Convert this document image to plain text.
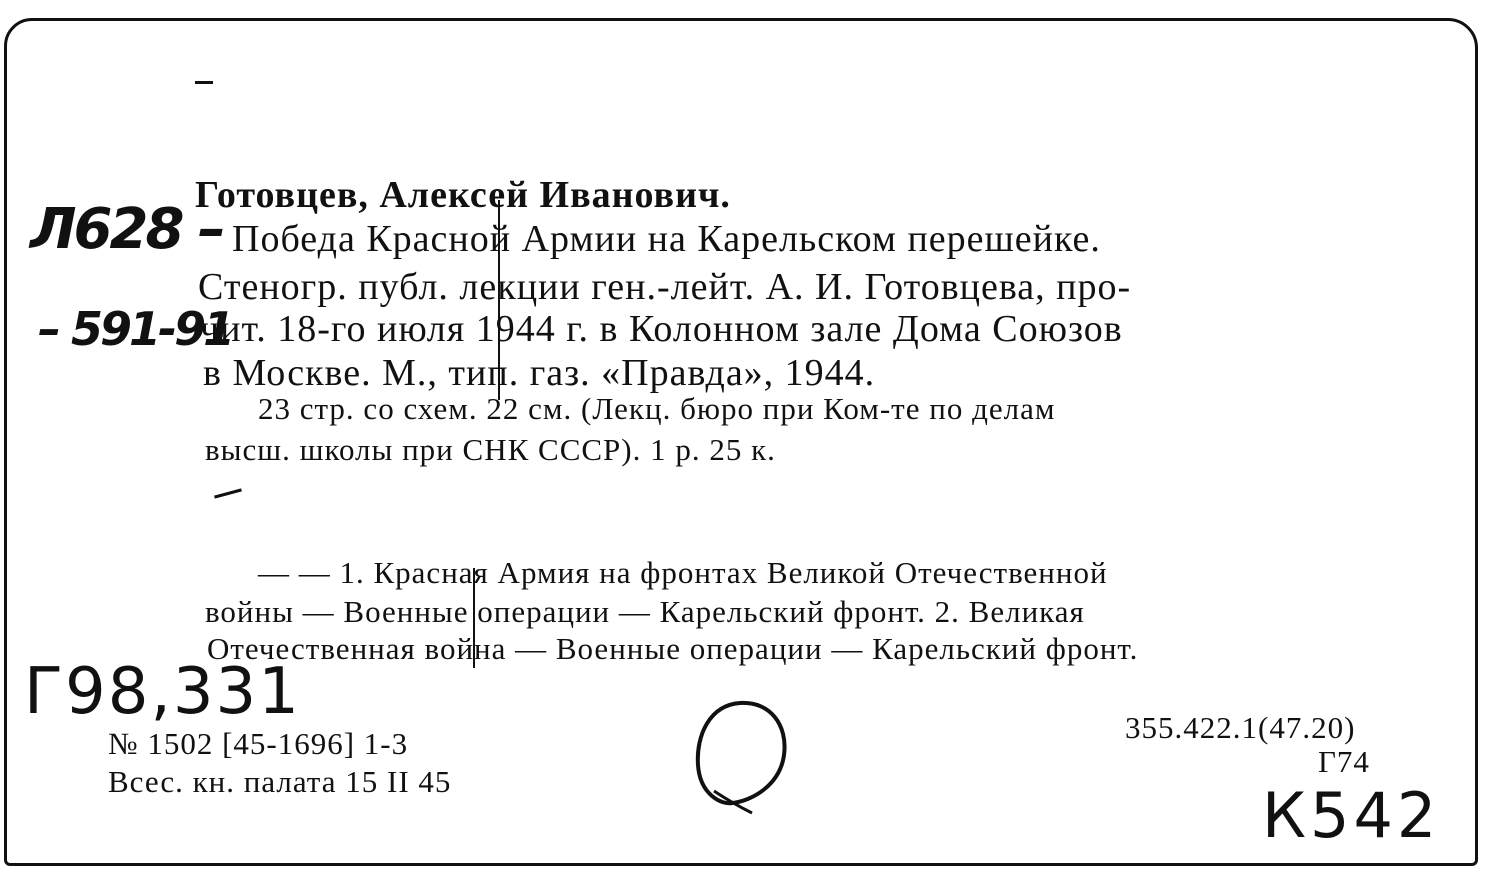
Л628 –
– 591-91
Г98,331
К542
Готовцев, Алексей Иванович.
Победа Красной Армии на Карельском перешейке.
Стеногр. публ. лекции ген.-лейт. А. И. Готовцева, про-
чит. 18-го июля 1944 г. в Колонном зале Дома Союзов
в Москве. М., тип. газ. «Правда», 1944.
23 стр. со схем. 22 см. (Лекц. бюро при Ком-те по делам
высш. школы при СНК СССР). 1 р. 25 к.
— — 1. Красная Армия на фронтах Великой Отечественной
войны — Военные операции — Карельский фронт. 2. Великая
Отечественная война — Военные операции — Карельский фронт.
№ 1502 [45-1696] 1-3
Всес. кн. палата 15 II 45
355.422.1(47.20)
Г74
